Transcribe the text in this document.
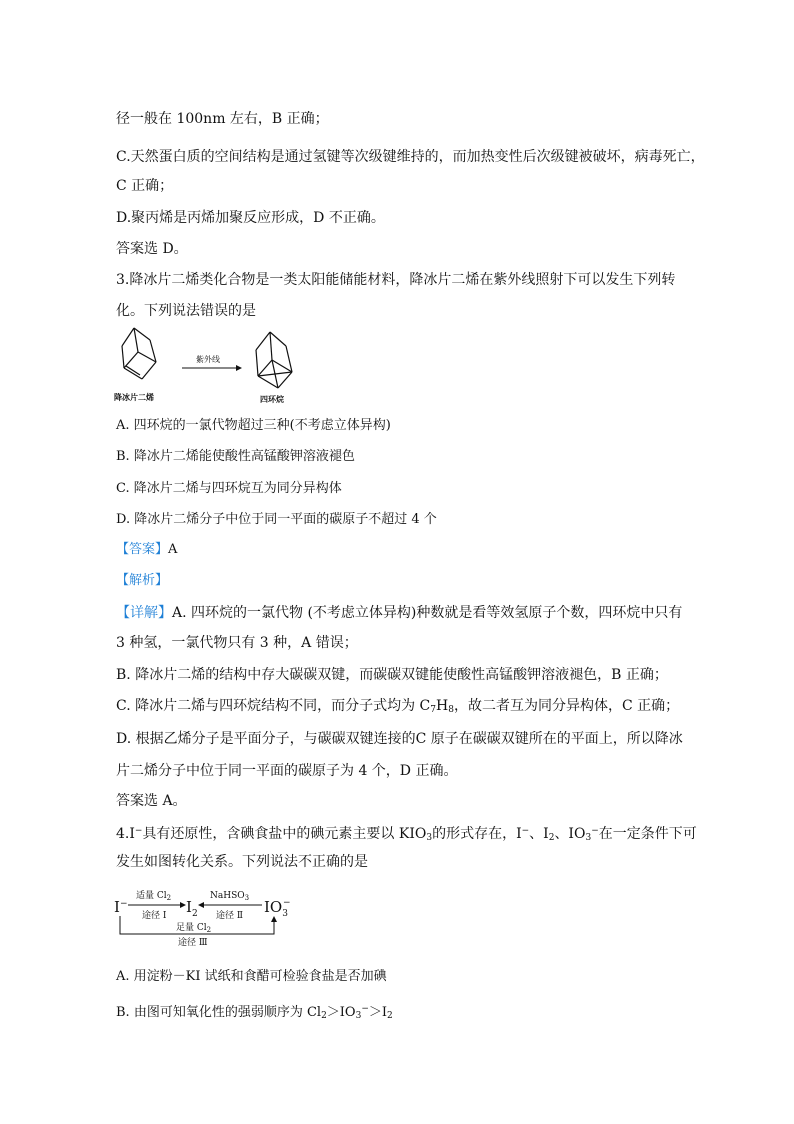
径一般在 100nm 左右，B 正确；
C.天然蛋白质的空间结构是通过氢键等次级键维持的，而加热变性后次级键被破坏，病毒死亡，
C 正确；
D.聚丙烯是丙烯加聚反应形成，D 不正确。
答案选 D。
3.降冰片二烯类化合物是一类太阳能储能材料，降冰片二烯在紫外线照射下可以发生下列转
化。下列说法错误的是
紫外线
降冰片二烯	四环烷
A. 四环烷的一氯代物超过三种(不考虑立体异构)
B. 降冰片二烯能使酸性高锰酸钾溶液褪色
C. 降冰片二烯与四环烷互为同分异构体
D. 降冰片二烯分子中位于同一平面的碳原子不超过 4 个
【答案】A
【解析】
【详解】A. 四环烷的一氯代物 (不考虑立体异构)种数就是看等效氢原子个数，四环烷中只有
3 种氢，一氯代物只有 3 种，A 错误；
B. 降冰片二烯的结构中存大碳碳双键，而碳碳双键能使酸性高锰酸钾溶液褪色，B 正确；
C. 降冰片二烯与四环烷结构不同，而分子式均为 $C_7H_8$，故二者互为同分异构体，C 正确；
D. 根据乙烯分子是平面分子，与碳碳双键连接的C 原子在碳碳双键所在的平面上，所以降冰
片二烯分子中位于同一平面的碳原子为 4 个，D 正确。
答案选 A。
4.I−具有还原性，含碘食盐中的碘元素主要以 $KIO_3$的形式存在，I−、$I_2$、$IO_3^-$在一定条件下可
发生如图转化关系。下列说法不正确的是
I−	$I_2$	$IO_3-$
适量 $Cl_2$
途径 Ⅰ
NaHSO$_3$
途径 Ⅱ
足量 $Cl_2$
途径 Ⅲ
A. 用淀粉－KI 试纸和食醋可检验食盐是否加碘
B. 由图可知氧化性的强弱顺序为 $Cl_2>IO_3^->I_2$
